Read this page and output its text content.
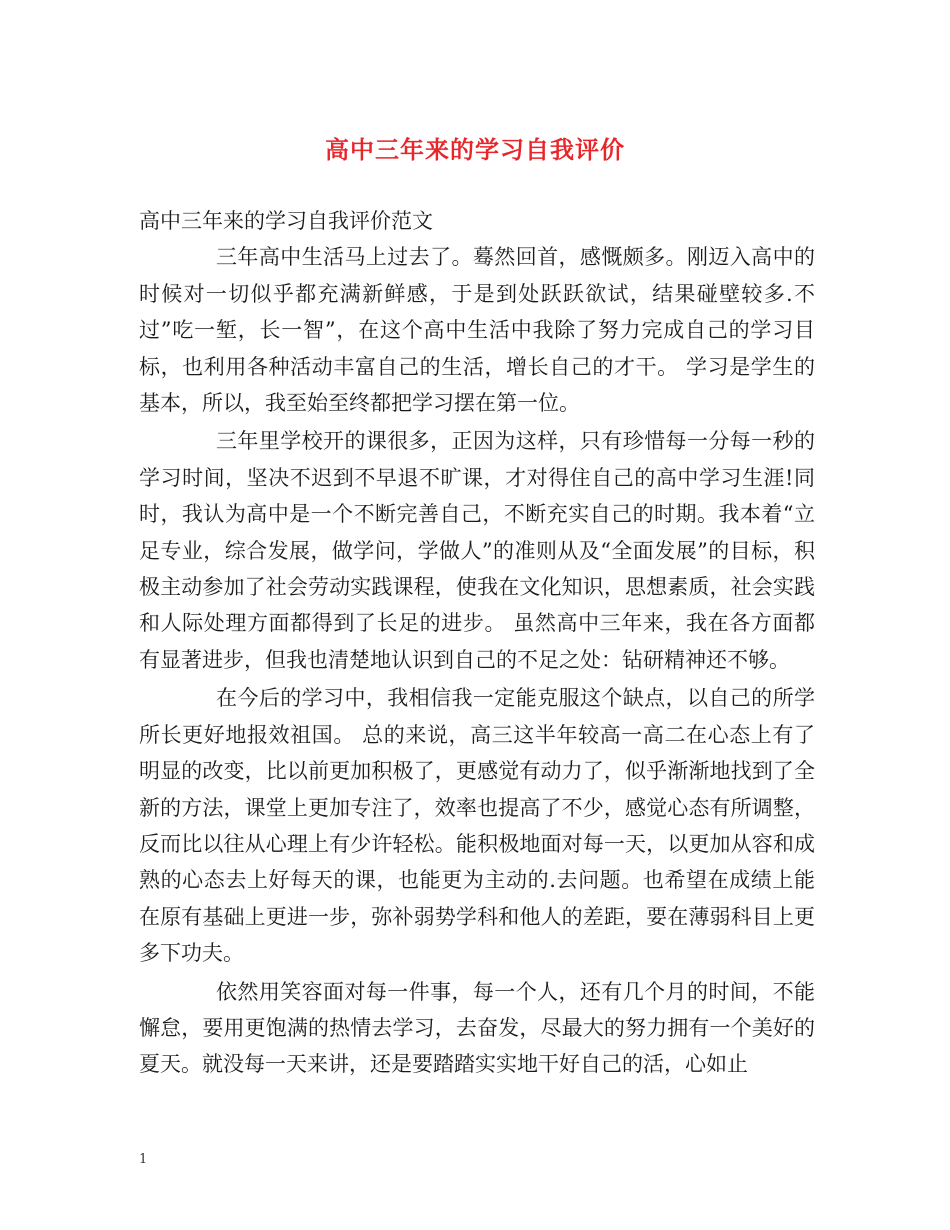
高中三年来的学习自我评价

高中三年来的学习自我评价范文

三年高中生活马上过去了。蓦然回首，感慨颇多。刚迈入高中的时候对一切似乎都充满新鲜感，于是到处跃跃欲试，结果碰壁较多.不过”吃一堑，长一智”，在这个高中生活中我除了努力完成自己的学习目标，也利用各种活动丰富自己的生活，增长自己的才干。 学习是学生的基本，所以，我至始至终都把学习摆在第一位。

三年里学校开的课很多，正因为这样，只有珍惜每一分每一秒的学习时间，坚决不迟到不早退不旷课，才对得住自己的高中学习生涯!同时，我认为高中是一个不断完善自己，不断充实自己的时期。我本着“立足专业，综合发展，做学问，学做人”的准则从及“全面发展”的目标，积极主动参加了社会劳动实践课程，使我在文化知识，思想素质，社会实践和人际处理方面都得到了长足的进步。 虽然高中三年来，我在各方面都有显著进步，但我也清楚地认识到自己的不足之处：钻研精神还不够。

在今后的学习中，我相信我一定能克服这个缺点，以自己的所学所长更好地报效祖国。 总的来说，高三这半年较高一高二在心态上有了明显的改变，比以前更加积极了，更感觉有动力了，似乎渐渐地找到了全新的方法，课堂上更加专注了，效率也提高了不少，感觉心态有所调整，反而比以往从心理上有少许轻松。能积极地面对每一天，以更加从容和成熟的心态去上好每天的课，也能更为主动的.去问题。也希望在成绩上能在原有基础上更进一步，弥补弱势学科和他人的差距，要在薄弱科目上更多下功夫。

依然用笑容面对每一件事，每一个人，还有几个月的时间，不能懈怠，要用更饱满的热情去学习，去奋发，尽最大的努力拥有一个美好的夏天。就没每一天来讲，还是要踏踏实实地干好自己的活，心如止

1
